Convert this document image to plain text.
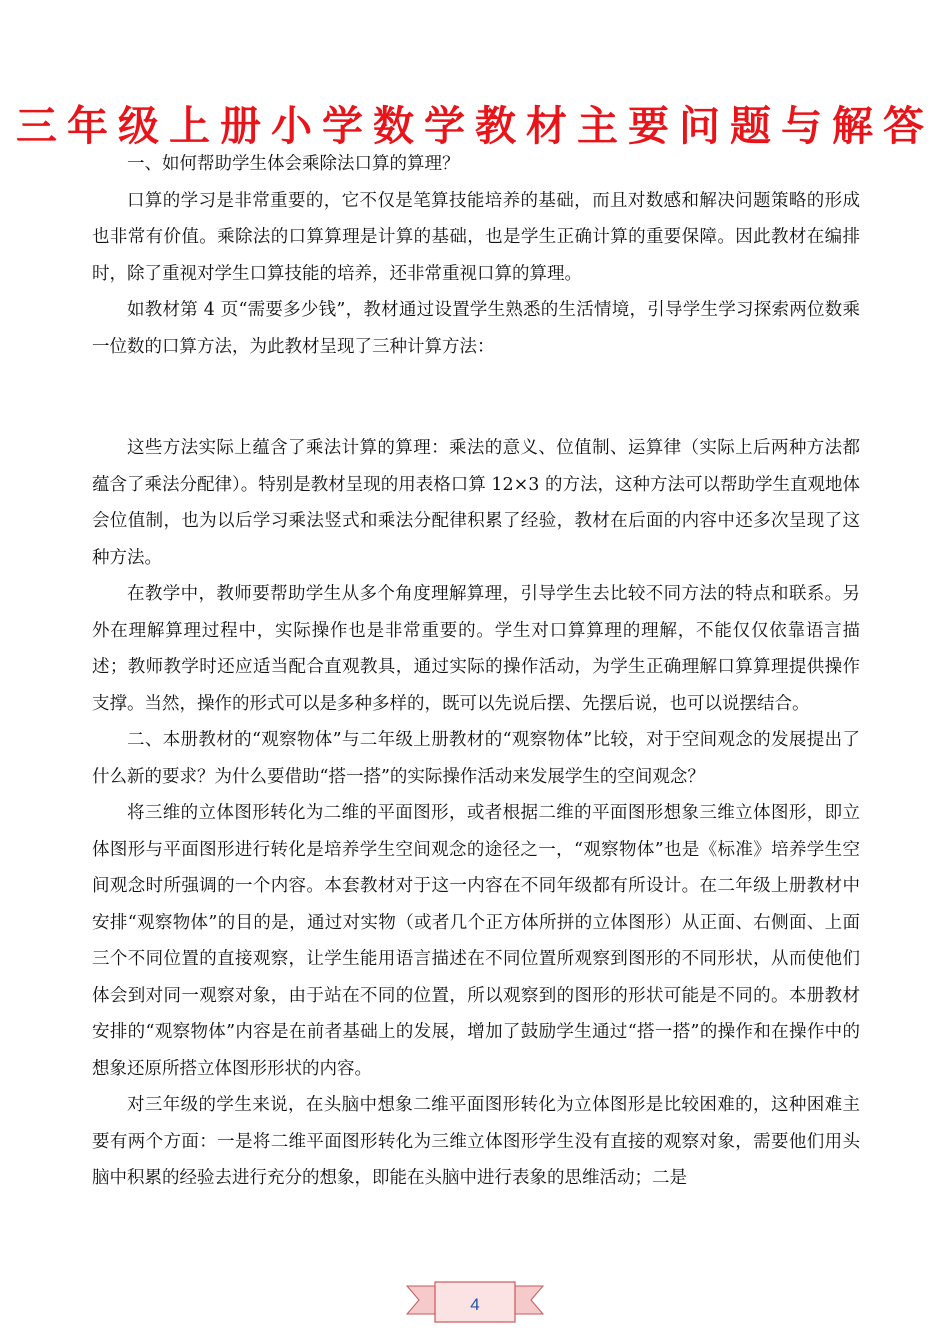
三年级上册小学数学教材主要问题与解答

一、如何帮助学生体会乘除法口算的算理？

口算的学习是非常重要的，它不仅是笔算技能培养的基础，而且对数感和解决问题策略的形成也非常有价值。乘除法的口算算理是计算的基础，也是学生正确计算的重要保障。因此教材在编排时，除了重视对学生口算技能的培养，还非常重视口算的算理。

如教材第 4 页“需要多少钱”，教材通过设置学生熟悉的生活情境，引导学生学习探索两位数乘一位数的口算方法，为此教材呈现了三种计算方法：

这些方法实际上蕴含了乘法计算的算理：乘法的意义、位值制、运算律（实际上后两种方法都蕴含了乘法分配律）。特别是教材呈现的用表格口算 12×3 的方法，这种方法可以帮助学生直观地体会位值制，也为以后学习乘法竖式和乘法分配律积累了经验，教材在后面的内容中还多次呈现了这种方法。

在教学中，教师要帮助学生从多个角度理解算理，引导学生去比较不同方法的特点和联系。另外在理解算理过程中，实际操作也是非常重要的。学生对口算算理的理解，不能仅仅依靠语言描述；教师教学时还应适当配合直观教具，通过实际的操作活动，为学生正确理解口算算理提供操作支撑。当然，操作的形式可以是多种多样的，既可以先说后摆、先摆后说，也可以说摆结合。

二、本册教材的“观察物体”与二年级上册教材的“观察物体”比较，对于空间观念的发展提出了什么新的要求？为什么要借助“搭一搭”的实际操作活动来发展学生的空间观念？

将三维的立体图形转化为二维的平面图形，或者根据二维的平面图形想象三维立体图形，即立体图形与平面图形进行转化是培养学生空间观念的途径之一，“观察物体”也是《标准》培养学生空间观念时所强调的一个内容。本套教材对于这一内容在不同年级都有所设计。在二年级上册教材中安排“观察物体”的目的是，通过对实物（或者几个正方体所拼的立体图形）从正面、右侧面、上面三个不同位置的直接观察，让学生能用语言描述在不同位置所观察到图形的不同形状，从而使他们体会到对同一观察对象，由于站在不同的位置，所以观察到的图形的形状可能是不同的。本册教材安排的“观察物体”内容是在前者基础上的发展，增加了鼓励学生通过“搭一搭”的操作和在操作中的想象还原所搭立体图形形状的内容。

对三年级的学生来说，在头脑中想象二维平面图形转化为立体图形是比较困难的，这种困难主要有两个方面：一是将二维平面图形转化为三维立体图形学生没有直接的观察对象，需要他们用头脑中积累的经验去进行充分的想象，即能在头脑中进行表象的思维活动；二是

4
